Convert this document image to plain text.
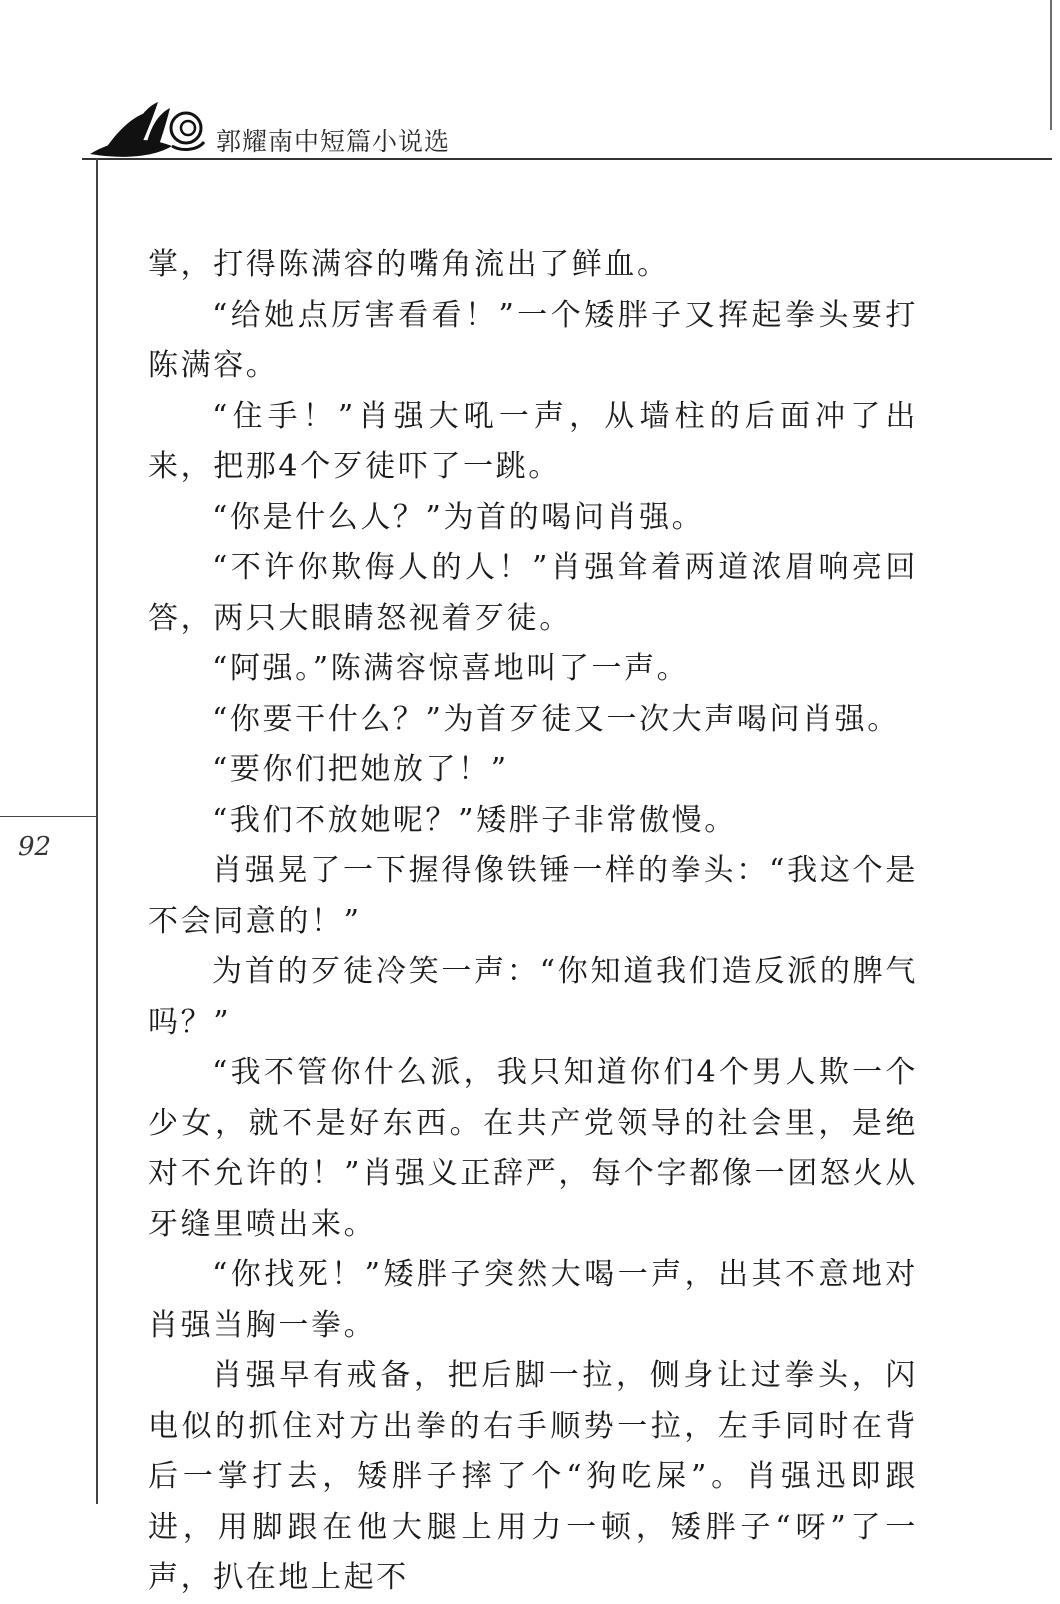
郭耀南中短篇小说选
92

掌，打得陈满容的嘴角流出了鲜血。

“给她点厉害看看！”一个矮胖子又挥起拳头要打陈满容。

“住手！”肖强大吼一声，从墙柱的后面冲了出来，把那4个歹徒吓了一跳。

“你是什么人？”为首的喝问肖强。

“不许你欺侮人的人！”肖强耸着两道浓眉响亮回答，两只大眼睛怒视着歹徒。

“阿强。”陈满容惊喜地叫了一声。

“你要干什么？”为首歹徒又一次大声喝问肖强。

“要你们把她放了！”

“我们不放她呢？”矮胖子非常傲慢。

肖强晃了一下握得像铁锤一样的拳头：“我这个是不会同意的！”

为首的歹徒冷笑一声：“你知道我们造反派的脾气吗？”

“我不管你什么派，我只知道你们4个男人欺一个少女，就不是好东西。在共产党领导的社会里，是绝对不允许的！”肖强义正辞严，每个字都像一团怒火从牙缝里喷出来。

“你找死！”矮胖子突然大喝一声，出其不意地对肖强当胸一拳。

肖强早有戒备，把后脚一拉，侧身让过拳头，闪电似的抓住对方出拳的右手顺势一拉，左手同时在背后一掌打去，矮胖子摔了个“狗吃屎”。肖强迅即跟进，用脚跟在他大腿上用力一顿，矮胖子“呀”了一声，扒在地上起不
